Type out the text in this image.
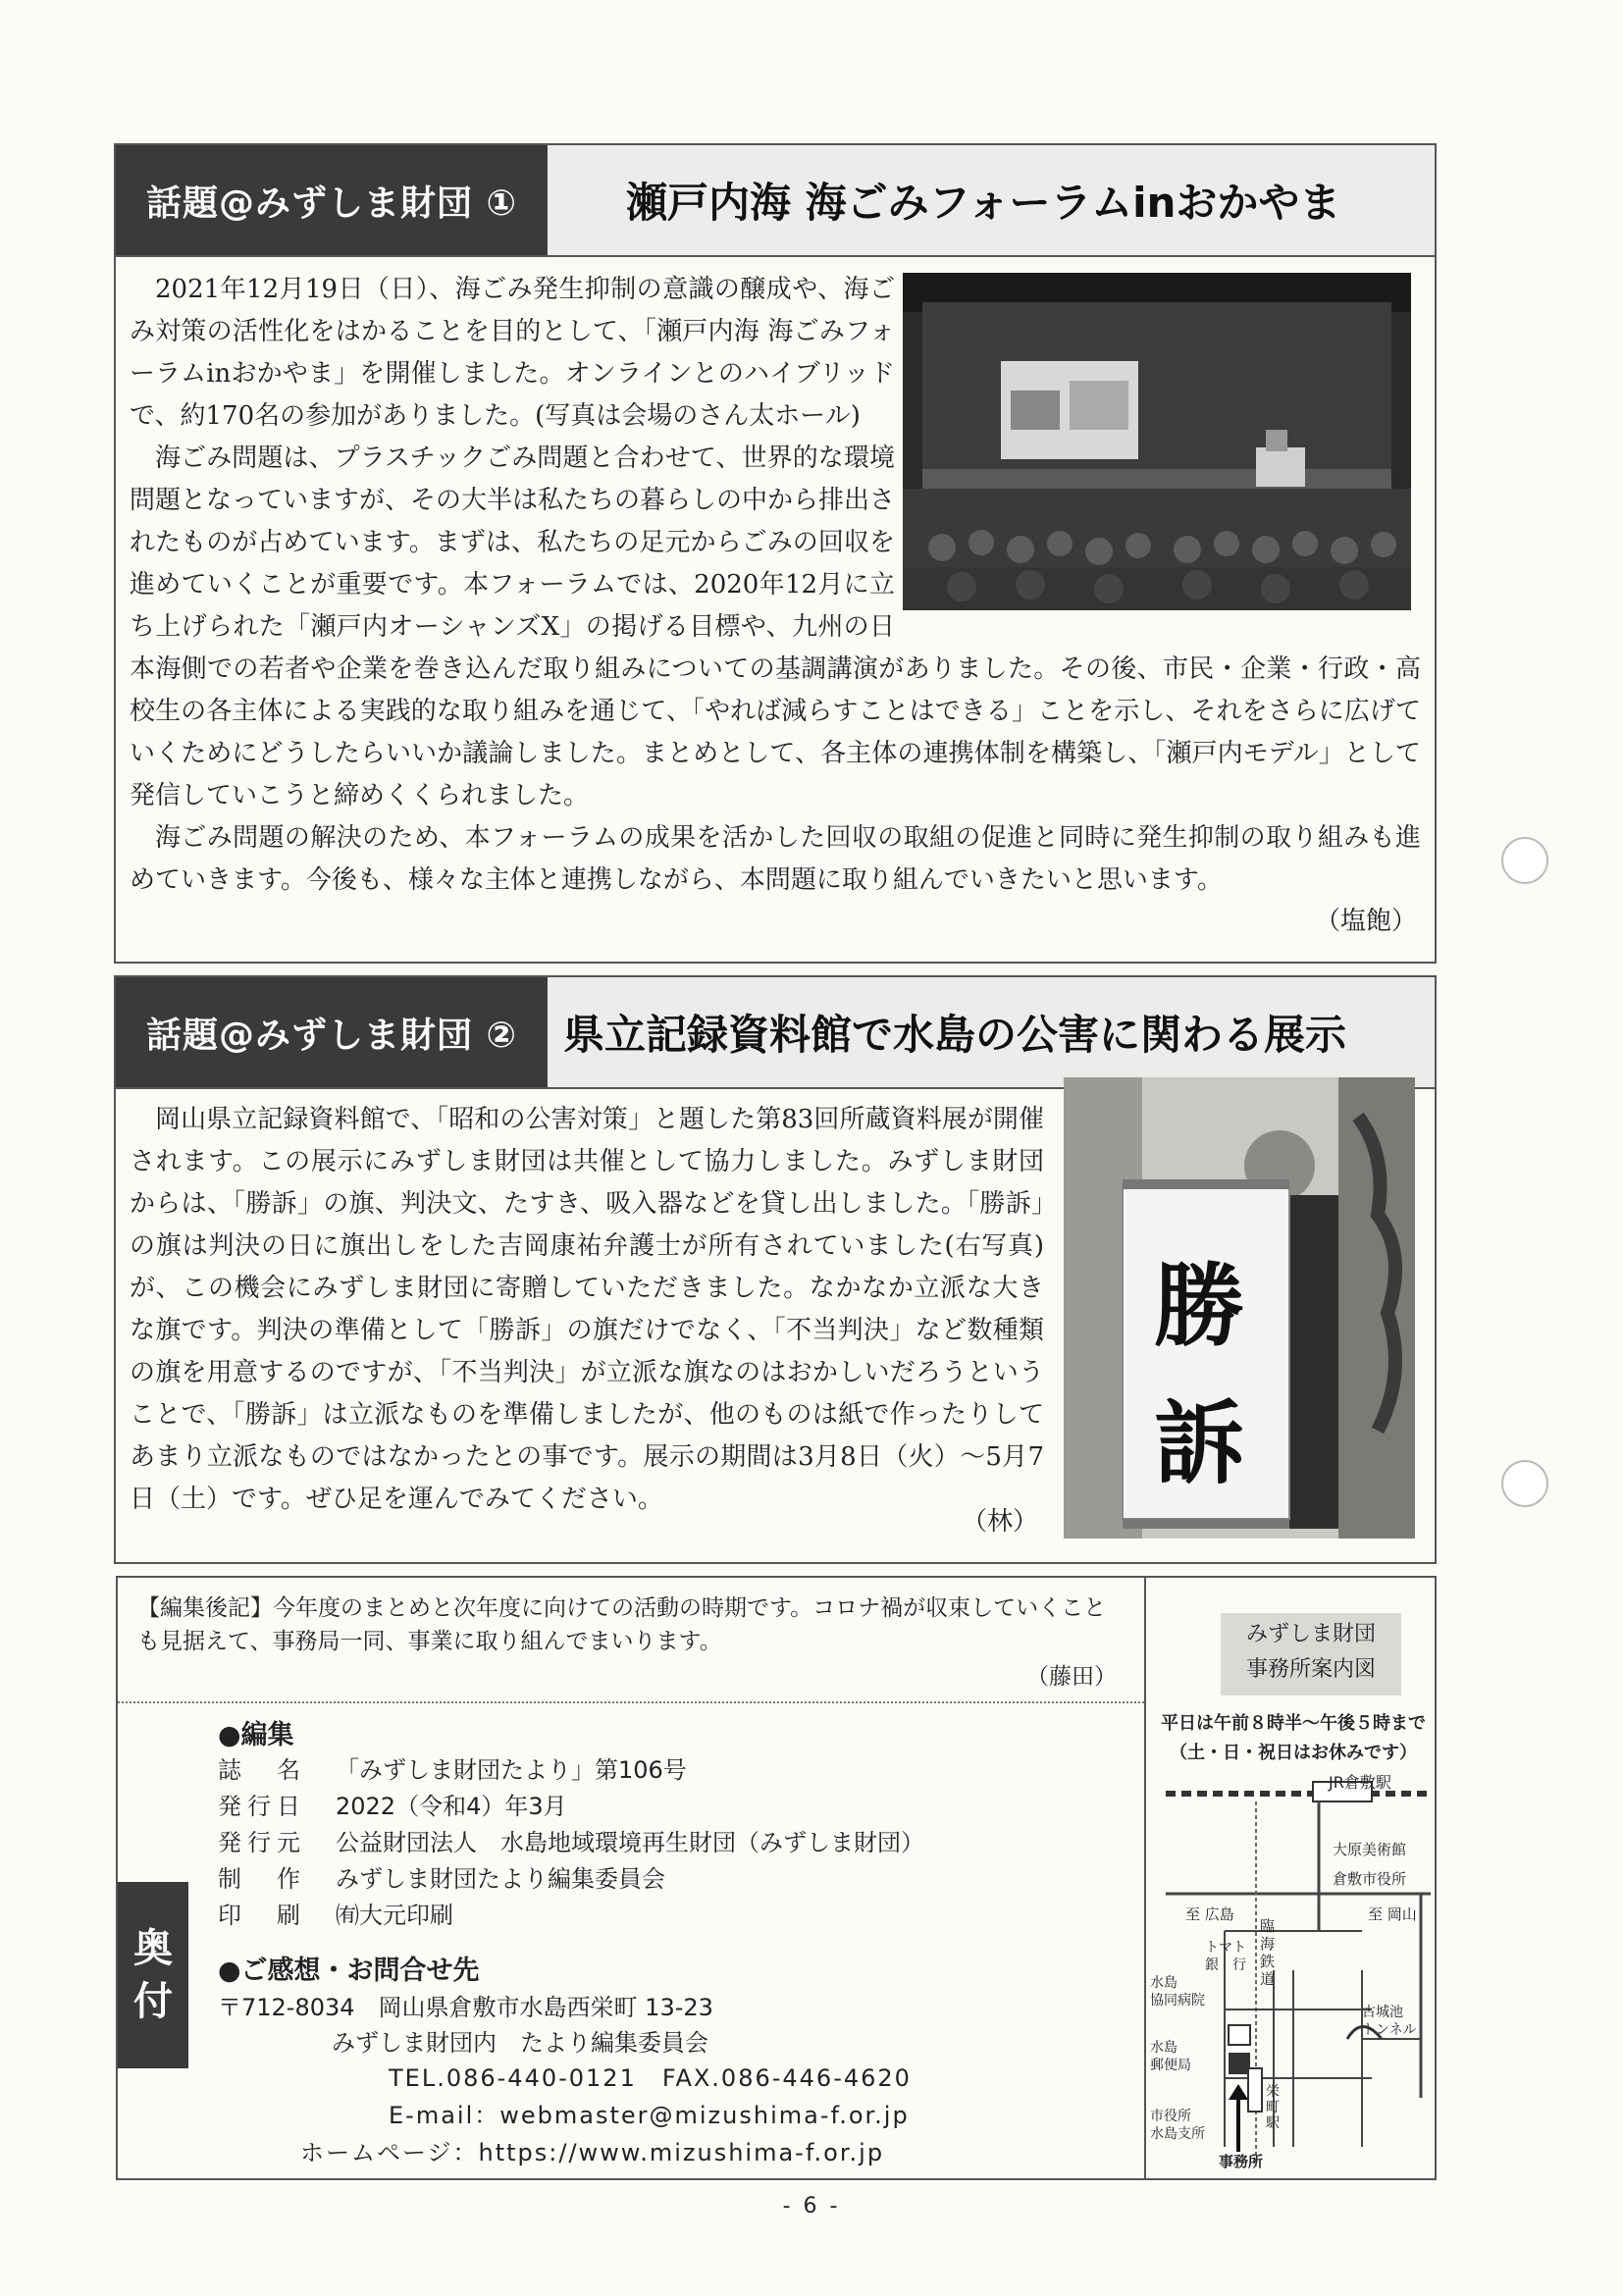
話題@みずしま財団 ①	瀬戸内海 海ごみフォーラムinおかやま

2021年12月19日（日）、海ごみ発生抑制の意識の醸成や、海ごみ対策の活性化をはかることを目的として、「瀬戸内海 海ごみフォーラムinおかやま」を開催しました。オンラインとのハイブリッドで、約170名の参加がありました。(写真は会場のさん太ホール)

海ごみ問題は、プラスチックごみ問題と合わせて、世界的な環境問題となっていますが、その大半は私たちの暮らしの中から排出されたものが占めています。まずは、私たちの足元からごみの回収を進めていくことが重要です。本フォーラムでは、2020年12月に立ち上げられた「瀬戸内オーシャンズX」の掲げる目標や、九州の日本海側での若者や企業を巻き込んだ取り組みについての基調講演がありました。その後、市民・企業・行政・高校生の各主体による実践的な取り組みを通じて、「やれば減らすことはできる」ことを示し、それをさらに広げていくためにどうしたらいいか議論しました。まとめとして、各主体の連携体制を構築し、「瀬戸内モデル」として発信していこうと締めくくられました。

海ごみ問題の解決のため、本フォーラムの成果を活かした回収の取組の促進と同時に発生抑制の取り組みも進めていきます。今後も、様々な主体と連携しながら、本問題に取り組んでいきたいと思います。

（塩飽）
話題@みずしま財団 ②	県立記録資料館で水島の公害に関わる展示

岡山県立記録資料館で、「昭和の公害対策」と題した第83回所蔵資料展が開催されます。この展示にみずしま財団は共催として協力しました。みずしま財団からは、「勝訴」の旗、判決文、たすき、吸入器などを貸し出しました。「勝訴」の旗は判決の日に旗出しをした吉岡康祐弁護士が所有されていました(右写真)が、この機会にみずしま財団に寄贈していただきました。なかなか立派な大きな旗です。判決の準備として「勝訴」の旗だけでなく、「不当判決」など数種類の旗を用意するのですが、「不当判決」が立派な旗なのはおかしいだろうということで、「勝訴」は立派なものを準備しましたが、他のものは紙で作ったりしてあまり立派なものではなかったとの事です。展示の期間は3月8日（火）～5月7日（土）です。ぜひ足を運んでみてください。

（林）
勝
訴
【編集後記】今年度のまとめと次年度に向けての活動の時期です。コロナ禍が収束していくことも見据えて、事務局一同、事業に取り組んでまいります。
（藤田）
奥
付
●編集
誌　名 「みずしま財団たより」第106号
発行日 2022（令和4）年3月
発行元 公益財団法人　水島地域環境再生財団（みずしま財団）
制　作 みずしま財団たより編集委員会
印　刷 ㈲大元印刷
●ご感想・お問合せ先
〒712-8034　岡山県倉敷市水島西栄町 13-23
みずしま財団内　たより編集委員会
TEL.086-440-0121　FAX.086-446-4620
E-mail：webmaster@mizushima-f.or.jp
ホームページ：https://www.mizushima-f.or.jp
みずしま財団
事務所案内図
平日は午前８時半～午後５時まで
（土・日・祝日はお休みです）
JR倉敷駅
大原美術館
倉敷市役所
至 広島	至 岡山
臨
海
鉄
道
トマト
銀　行
水島
協同病院
古城池
トンネル
水島
郵便局
市役所
水島支所
栄
町
駅
事務所
- 6 -
